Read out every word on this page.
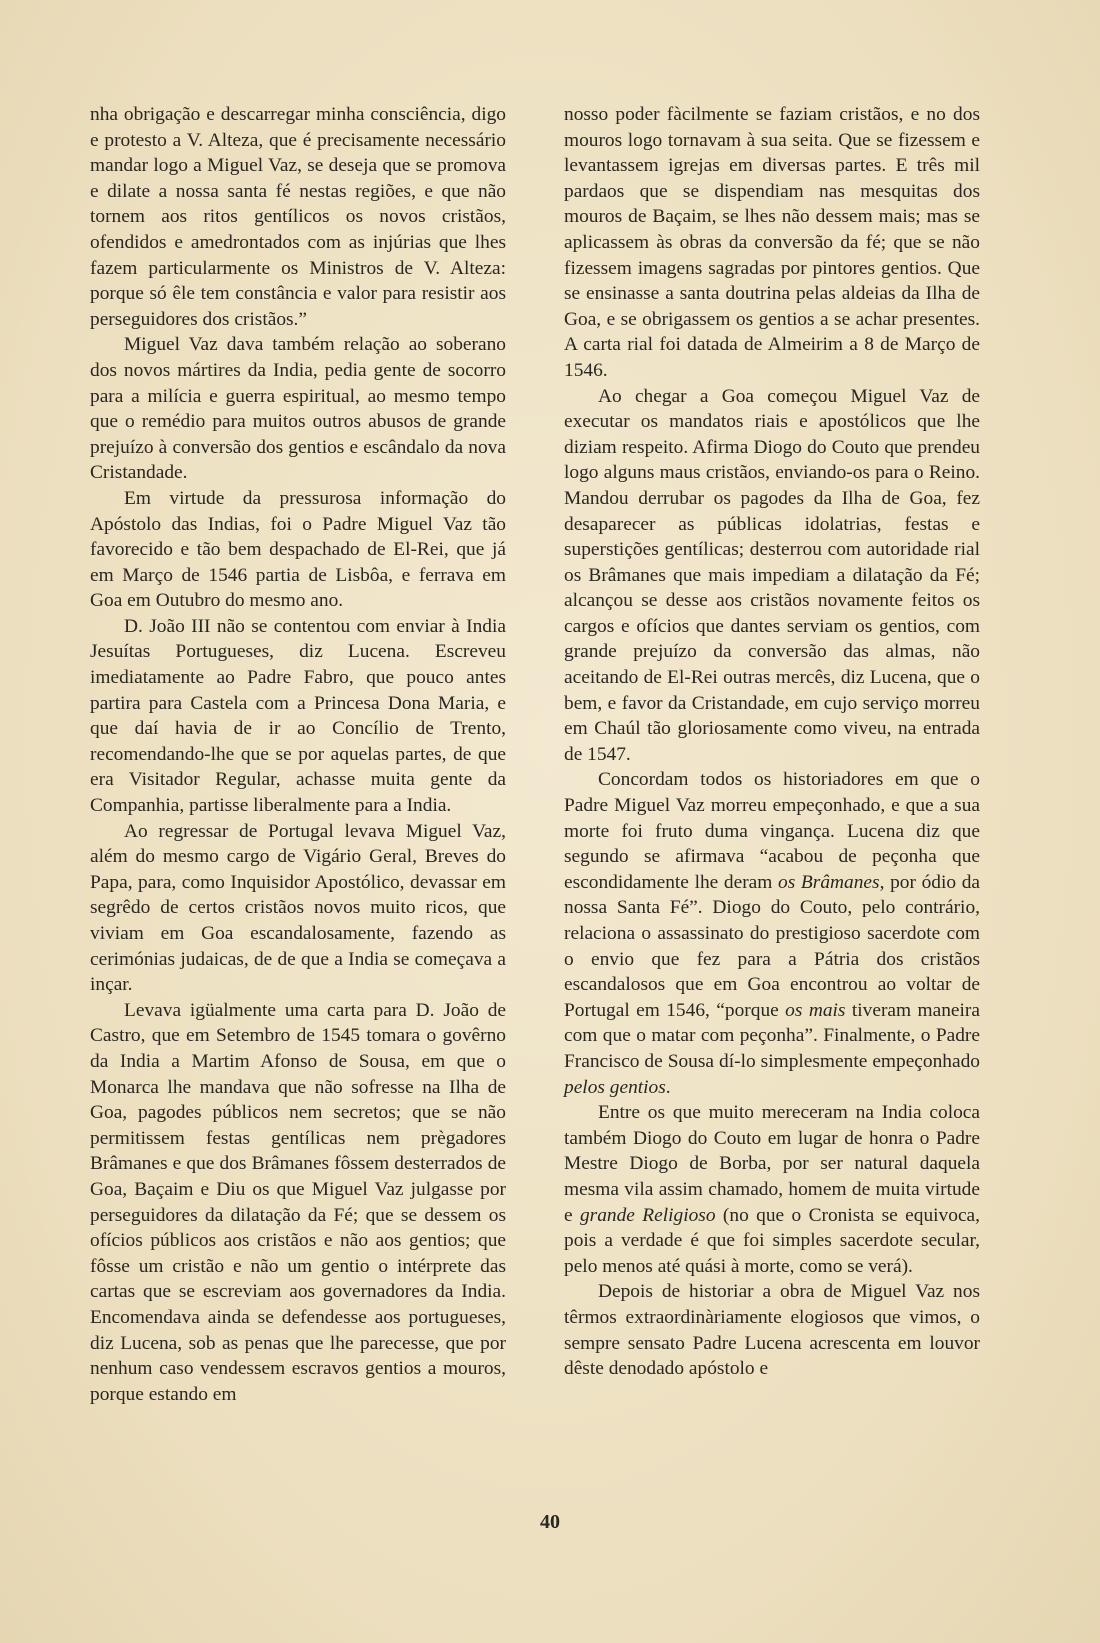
nha obrigação e descarregar minha consciência, digo e protesto a V. Alteza, que é precisamente necessário mandar logo a Miguel Vaz, se deseja que se promova e dilate a nossa santa fé nestas regiões, e que não tornem aos ritos gentílicos os novos cristãos, ofendidos e amedrontados com as injúrias que lhes fazem particularmente os Ministros de V. Alteza: porque só êle tem constância e valor para resistir aos perseguidores dos cristãos.”

Miguel Vaz dava também relação ao soberano dos novos mártires da India, pedia gente de socorro para a milícia e guerra espiritual, ao mesmo tempo que o remédio para muitos outros abusos de grande prejuízo à conversão dos gentios e escândalo da nova Cristandade.

Em virtude da pressurosa informação do Apóstolo das Indias, foi o Padre Miguel Vaz tão favorecido e tão bem despachado de El-Rei, que já em Março de 1546 partia de Lisbôa, e ferrava em Goa em Outubro do mesmo ano.

D. João III não se contentou com enviar à India Jesuítas Portugueses, diz Lucena. Escreveu imediatamente ao Padre Fabro, que pouco antes partira para Castela com a Princesa Dona Maria, e que daí havia de ir ao Concílio de Trento, recomendando-lhe que se por aquelas partes, de que era Visitador Regular, achasse muita gente da Companhia, partisse liberalmente para a India.

Ao regressar de Portugal levava Miguel Vaz, além do mesmo cargo de Vigário Geral, Breves do Papa, para, como Inquisidor Apostólico, devassar em segrêdo de certos cristãos novos muito ricos, que viviam em Goa escandalosamente, fazendo as cerimónias judaicas, de de que a India se começava a inçar.

Levava igüalmente uma carta para D. João de Castro, que em Setembro de 1545 tomara o govêrno da India a Martim Afonso de Sousa, em que o Monarca lhe mandava que não sofresse na Ilha de Goa, pagodes públicos nem secretos; que se não permitissem festas gentílicas nem prègadores Brâmanes e que dos Brâmanes fôssem desterrados de Goa, Baçaim e Diu os que Miguel Vaz julgasse por perseguidores da dilatação da Fé; que se dessem os ofícios públicos aos cristãos e não aos gentios; que fôsse um cristão e não um gentio o intérprete das cartas que se escreviam aos governadores da India. Encomendava ainda se defendesse aos portugueses, diz Lucena, sob as penas que lhe parecesse, que por nenhum caso vendessem escravos gentios a mouros, porque estando em

nosso poder fàcilmente se faziam cristãos, e no dos mouros logo tornavam à sua seita. Que se fizessem e levantassem igrejas em diversas partes. E três mil pardaos que se dispendiam nas mesquitas dos mouros de Baçaim, se lhes não dessem mais; mas se aplicassem às obras da conversão da fé; que se não fizessem imagens sagradas por pintores gentios. Que se ensinasse a santa doutrina pelas aldeias da Ilha de Goa, e se obrigassem os gentios a se achar presentes. A carta rial foi datada de Almeirim a 8 de Março de 1546.

Ao chegar a Goa começou Miguel Vaz de executar os mandatos riais e apostólicos que lhe diziam respeito. Afirma Diogo do Couto que prendeu logo alguns maus cristãos, enviando-os para o Reino. Mandou derrubar os pagodes da Ilha de Goa, fez desaparecer as públicas idolatrias, festas e superstições gentílicas; desterrou com autoridade rial os Brâmanes que mais impediam a dilatação da Fé; alcançou se desse aos cristãos novamente feitos os cargos e ofícios que dantes serviam os gentios, com grande prejuízo da conversão das almas, não aceitando de El-Rei outras mercês, diz Lucena, que o bem, e favor da Cristandade, em cujo serviço morreu em Chaúl tão gloriosamente como viveu, na entrada de 1547.

Concordam todos os historiadores em que o Padre Miguel Vaz morreu empeçonhado, e que a sua morte foi fruto duma vingança. Lucena diz que segundo se afirmava “acabou de peçonha que escondidamente lhe deram os Brâmanes, por ódio da nossa Santa Fé”. Diogo do Couto, pelo contrário, relaciona o assassinato do prestigioso sacerdote com o envio que fez para a Pátria dos cristãos escandalosos que em Goa encontrou ao voltar de Portugal em 1546, “porque os mais tiveram maneira com que o matar com peçonha”. Finalmente, o Padre Francisco de Sousa dí-lo simplesmente empeçonhado pelos gentios.

Entre os que muito mereceram na India coloca também Diogo do Couto em lugar de honra o Padre Mestre Diogo de Borba, por ser natural daquela mesma vila assim chamado, homem de muita virtude e grande Religioso (no que o Cronista se equivoca, pois a verdade é que foi simples sacerdote secular, pelo menos até quási à morte, como se verá).

Depois de historiar a obra de Miguel Vaz nos têrmos extraordinàriamente elogiosos que vimos, o sempre sensato Padre Lucena acrescenta em louvor dêste denodado apóstolo e

40
